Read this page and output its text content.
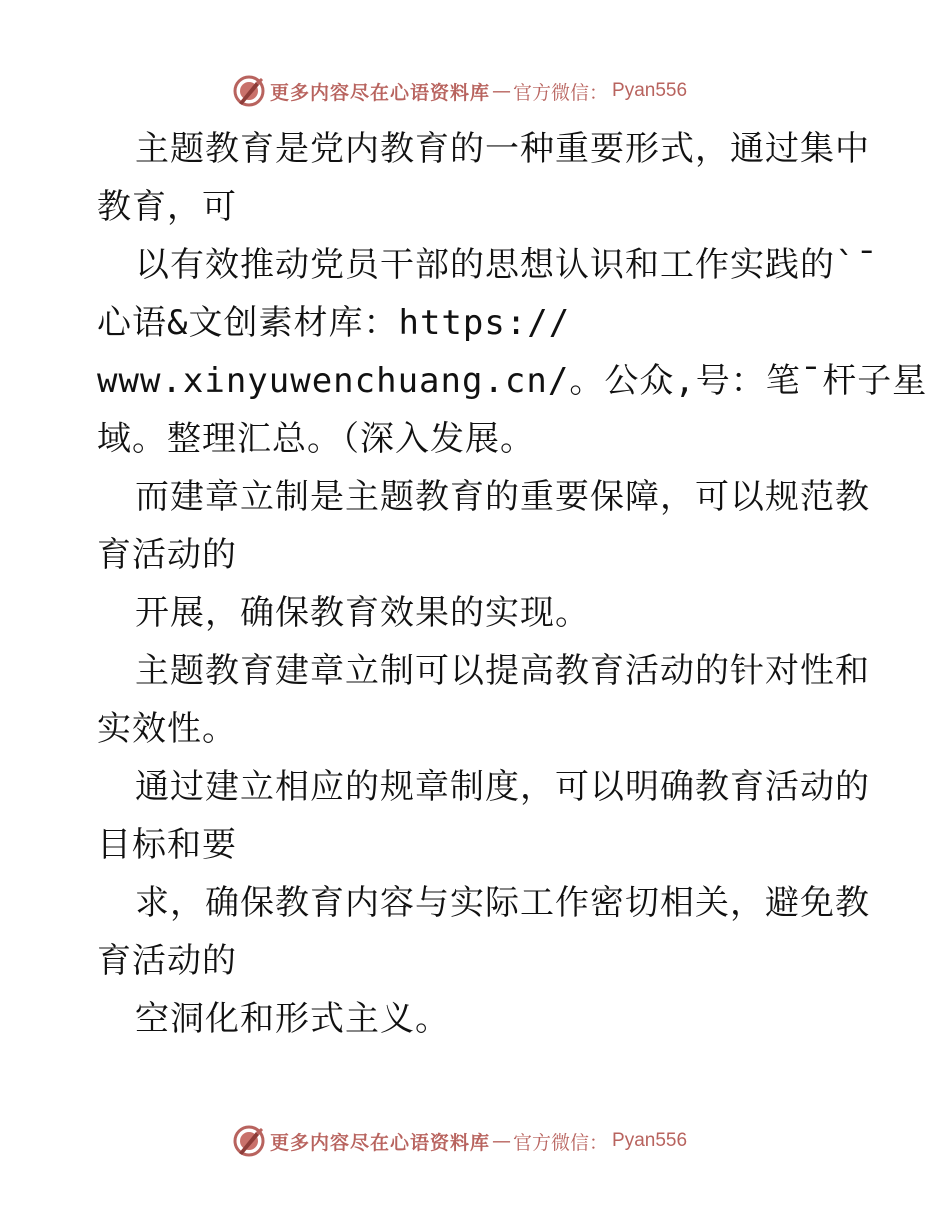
更多内容尽在心语资料库 — 官方微信： Pyan556
主题教育是党内教育的一种重要形式，通过集中
教育，可
以有效推动党员干部的思想认识和工作实践的`¯
心语&文创素材库：https://
www.xinyuwenchuang.cn/。公众,号：笔¯杆子星
域。整理汇总。（深入发展。
而建章立制是主题教育的重要保障，可以规范教
育活动的
开展，确保教育效果的实现。
主题教育建章立制可以提高教育活动的针对性和
实效性。
通过建立相应的规章制度，可以明确教育活动的
目标和要
求，确保教育内容与实际工作密切相关，避免教
育活动的
空洞化和形式主义。
更多内容尽在心语资料库 — 官方微信： Pyan556
